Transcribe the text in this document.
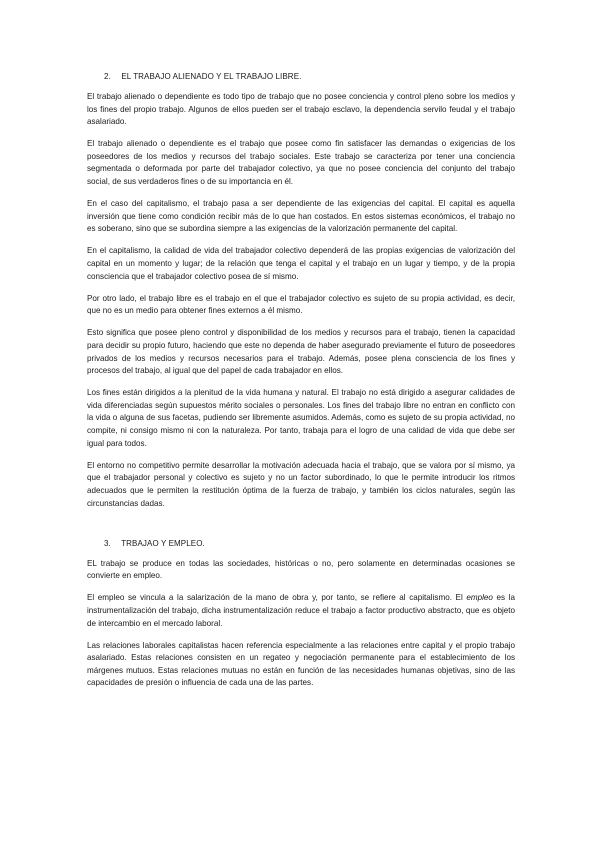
2. EL TRABAJO ALIENADO Y EL TRABAJO LIBRE.

El trabajo alienado o dependiente es todo tipo de trabajo que no posee conciencia y control pleno sobre los medios y los fines del propio trabajo. Algunos de ellos pueden ser el trabajo esclavo, la dependencia servilo feudal y el trabajo asalariado.

El trabajo alienado o dependiente es el trabajo que posee como fin satisfacer las demandas o exigencias de los poseedores de los medios y recursos del trabajo sociales. Este trabajo se caracteriza por tener una conciencia segmentada o deformada por parte del trabajador colectivo, ya que no posee conciencia del conjunto del trabajo social, de sus verdaderos fines o de su importancia en él.

En el caso del capitalismo, el trabajo pasa a ser dependiente de las exigencias del capital. El capital es aquella inversión que tiene como condición recibir más de lo que han costados. En estos sistemas económicos, el trabajo no es soberano, sino que se subordina siempre a las exigencias de la valorización permanente del capital.

En el capitalismo, la calidad de vida del trabajador colectivo dependerá de las propias exigencias de valorización del capital en un momento y lugar; de la relación que tenga el capital y el trabajo en un lugar y tiempo, y de la propia consciencia que el trabajador colectivo posea de sí mismo.

Por otro lado, el trabajo libre es el trabajo en el que el trabajador colectivo es sujeto de su propia actividad, es decir, que no es un medio para obtener fines externos a él mismo.

Esto significa que posee pleno control y disponibilidad de los medios y recursos para el trabajo, tienen la capacidad para decidir su propio futuro, haciendo que este no dependa de haber asegurado previamente el futuro de poseedores privados de los medios y recursos necesarios para el trabajo. Además, posee plena consciencia de los fines y procesos del trabajo, al igual que del papel de cada trabajador en ellos.

Los fines están dirigidos a la plenitud de la vida humana y natural. El trabajo no está dirigido a asegurar calidades de vida diferenciadas según supuestos mérito sociales o personales. Los fines del trabajo libre no entran en conflicto con la vida o alguna de sus facetas, pudiendo ser libremente asumidos. Además, como es sujeto de su propia actividad, no compite, ni consigo mismo ni con la naturaleza. Por tanto, trabaja para el logro de una calidad de vida que debe ser igual para todos.

El entorno no competitivo permite desarrollar la motivación adecuada hacia el trabajo, que se valora por sí mismo, ya que el trabajador personal y colectivo es sujeto y no un factor subordinado, lo que le permite introducir los ritmos adecuados que le permiten la restitución óptima de la fuerza de trabajo, y también los ciclos naturales, según las circunstancias dadas.

3. TRBAJAO Y EMPLEO.

EL trabajo se produce en todas las sociedades, históricas o no, pero solamente en determinadas ocasiones se convierte en empleo.

El empleo se vincula a la salarización de la mano de obra y, por tanto, se refiere al capitalismo. El empleo es la instrumentalización del trabajo, dicha instrumentalización reduce el trabajo a factor productivo abstracto, que es objeto de intercambio en el mercado laboral.

Las relaciones laborales capitalistas hacen referencia especialmente a las relaciones entre capital y el propio trabajo asalariado. Estas relaciones consisten en un regateo y negociación permanente para el establecimiento de los márgenes mutuos. Estas relaciones mutuas no están en función de las necesidades humanas objetivas, sino de las capacidades de presión o influencia de cada una de las partes.
